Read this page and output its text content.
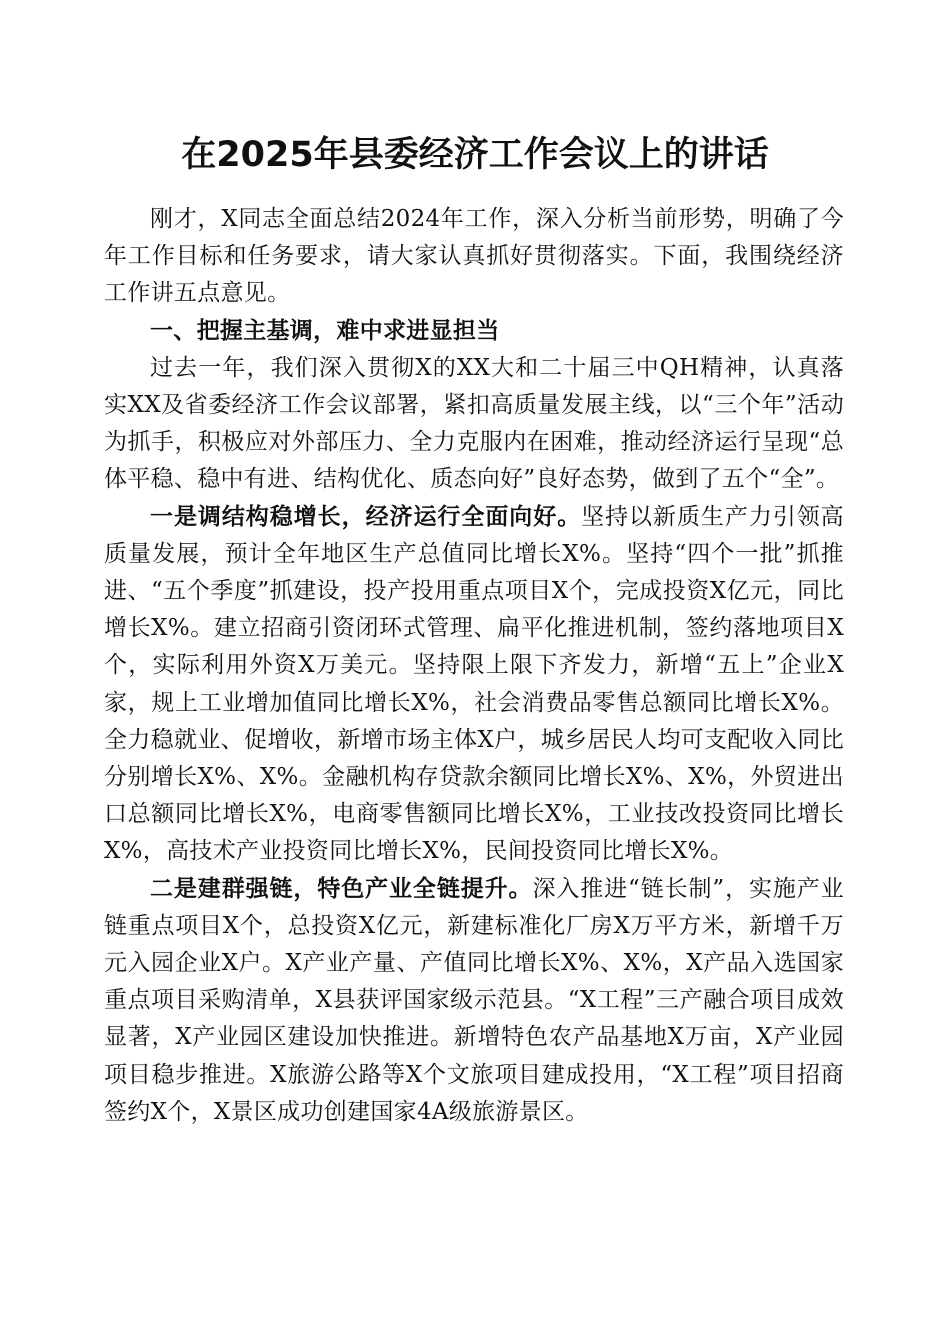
在2025年县委经济工作会议上的讲话

刚才，X同志全面总结2024年工作，深入分析当前形势，明确了今年工作目标和任务要求，请大家认真抓好贯彻落实。下面，我围绕经济工作讲五点意见。

一、把握主基调，难中求进显担当

过去一年，我们深入贯彻X的XX大和二十届三中QH精神，认真落实XX及省委经济工作会议部署，紧扣高质量发展主线，以“三个年”活动为抓手，积极应对外部压力、全力克服内在困难，推动经济运行呈现“总体平稳、稳中有进、结构优化、质态向好”良好态势，做到了五个“全”。

一是调结构稳增长，经济运行全面向好。坚持以新质生产力引领高质量发展，预计全年地区生产总值同比增长X%。坚持“四个一批”抓推进、“五个季度”抓建设，投产投用重点项目X个，完成投资X亿元，同比增长X%。建立招商引资闭环式管理、扁平化推进机制，签约落地项目X个，实际利用外资X万美元。坚持限上限下齐发力，新增“五上”企业X家，规上工业增加值同比增长X%，社会消费品零售总额同比增长X%。全力稳就业、促增收，新增市场主体X户，城乡居民人均可支配收入同比分别增长X%、X%。金融机构存贷款余额同比增长X%、X%，外贸进出口总额同比增长X%，电商零售额同比增长X%，工业技改投资同比增长X%，高技术产业投资同比增长X%，民间投资同比增长X%。

二是建群强链，特色产业全链提升。深入推进“链长制”，实施产业链重点项目X个，总投资X亿元，新建标准化厂房X万平方米，新增千万元入园企业X户。X产业产量、产值同比增长X%、X%，X产品入选国家重点项目采购清单，X县获评国家级示范县。“X工程”三产融合项目成效显著，X产业园区建设加快推进。新增特色农产品基地X万亩，X产业园项目稳步推进。X旅游公路等X个文旅项目建成投用，“X工程”项目招商签约X个，X景区成功创建国家4A级旅游景区。
